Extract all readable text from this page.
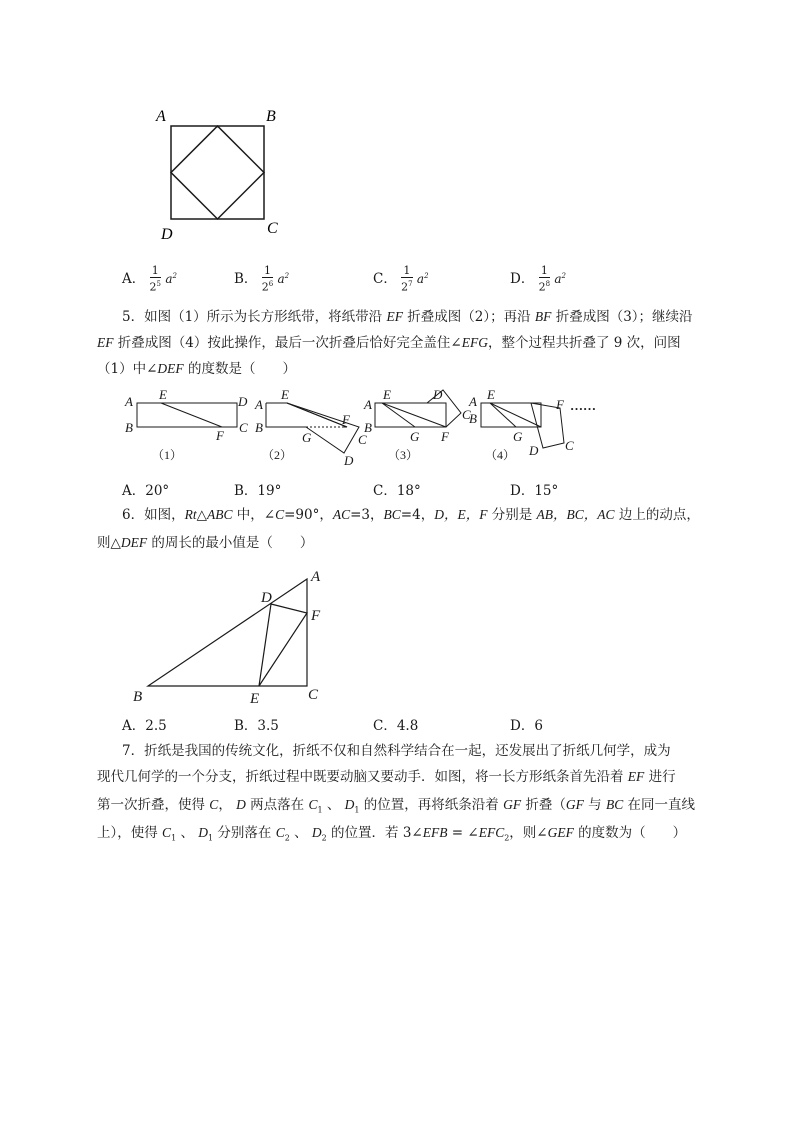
A	B
C
D
A． $\frac{1}{2^5} a^2$	B． $\frac{1}{2^6} a^2$	C． $\frac{1}{2^7} a^2$	D． $\frac{1}{2^8} a^2$
5．如图（1）所示为长方形纸带，将纸带沿 EF 折叠成图（2）；再沿 BF 折叠成图（3）；继续沿
EF 折叠成图（4）按此操作，最后一次折叠后恰好完全盖住∠EFG，整个过程共折叠了 9 次，问图
（1）中∠DEF 的度数是（　　）
A
B
E	D
C
F
A
B
E
F
G	C
D
A
B
E	D
C
G F
A
B
E
F
G
D C
……
（1）	（2）	（3）	（4）
A．20°	B．19°	C．18°	D．15°
6．如图，Rt△ABC 中，∠C=90°，AC=3，BC=4，D，E，F 分别是 AB，BC，AC 边上的动点，
则△DEF 的周长的最小值是（　　）
A
D
F
B	E	C
A．2.5	B．3.5	C．4.8	D．6
7．折纸是我国的传统文化，折纸不仅和自然科学结合在一起，还发展出了折纸几何学，成为
现代几何学的一个分支，折纸过程中既要动脑又要动手．如图，将一长方形纸条首先沿着 EF 进行
第一次折叠，使得 C， D 两点落在 $C_1$ 、 $D_1$ 的位置，再将纸条沿着 GF 折叠（GF 与 BC 在同一直线
上），使得 $C_1$ 、 $D_1$ 分别落在 $C_2$ 、 $D_2$ 的位置．若 3∠EFB = $\angle EFC_2$，则∠GEF 的度数为（　　）
